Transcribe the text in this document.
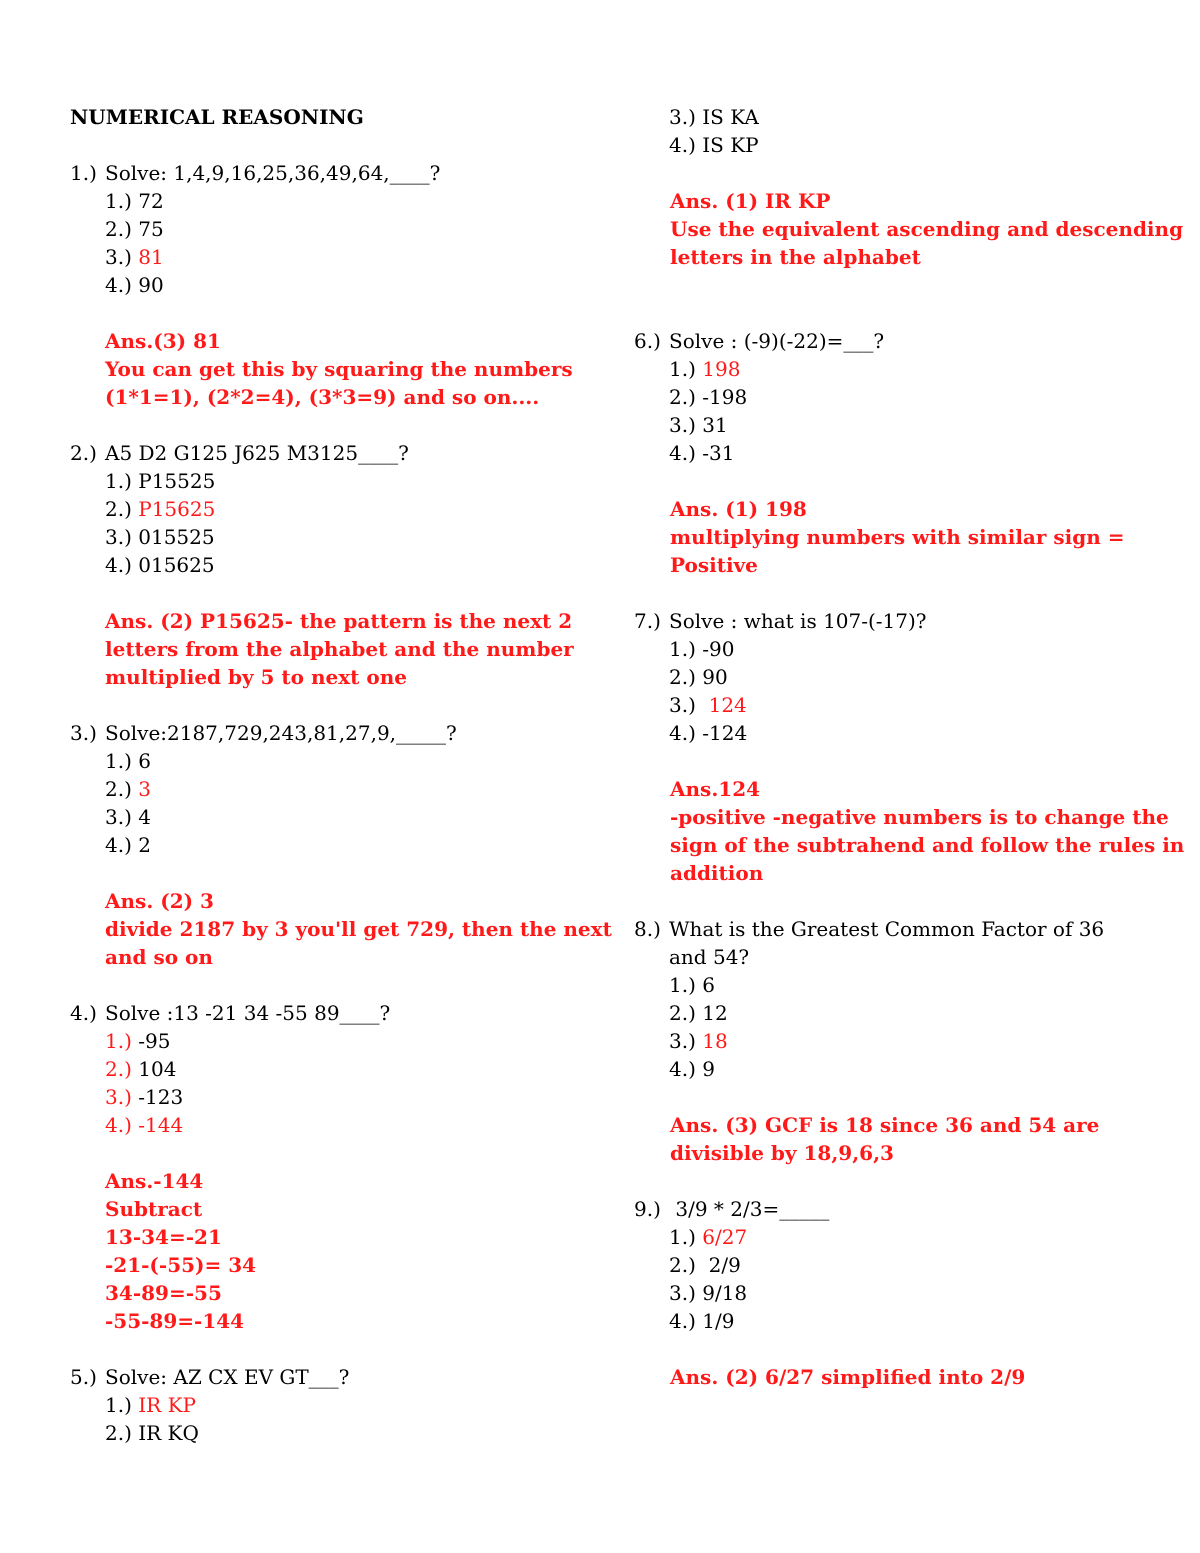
NUMERICAL REASONING
1.) Solve: 1,4,9,16,25,36,49,64,____?
1.) 72
2.) 75
3.) 81
4.) 90
Ans.(3) 81
You can get this by squaring the numbers
(1*1=1), (2*2=4), (3*3=9) and so on....
2.) A5 D2 G125 J625 M3125____?
1.) P15525
2.) P15625
3.) 015525
4.) 015625
Ans. (2) P15625- the pattern is the next 2
letters from the alphabet and the number
multiplied by 5 to next one
3.) Solve:2187,729,243,81,27,9,_____?
1.) 6
2.) 3
3.) 4
4.) 2
Ans. (2) 3
divide 2187 by 3 you'll get 729, then the next
and so on
4.) Solve :13 -21 34 -55 89____?
1.) -95
2.) 104
3.) -123
4.) -144
Ans.-144
Subtract
13-34=-21
-21-(-55)= 34
34-89=-55
-55-89=-144
5.) Solve: AZ CX EV GT___?
1.) IR KP
2.) IR KQ
3.) IS KA
4.) IS KP
Ans. (1) IR KP
Use the equivalent ascending and descending
letters in the alphabet
6.) Solve : (-9)(-22)=___?
1.) 198
2.) -198
3.) 31
4.) -31
Ans. (1) 198
multiplying numbers with similar sign =
Positive
7.) Solve : what is 107-(-17)?
1.) -90
2.) 90
3.)  124
4.) -124
Ans.124
-positive -negative numbers is to change the
sign of the subtrahend and follow the rules in
addition
8.) What is the Greatest Common Factor of 36
and 54?
1.) 6
2.) 12
3.) 18
4.) 9
Ans. (3) GCF is 18 since 36 and 54 are
divisible by 18,9,6,3
9.) 3/9 * 2/3=_____
1.) 6/27
2.)  2/9
3.) 9/18
4.) 1/9
Ans. (2) 6/27 simplified into 2/9
